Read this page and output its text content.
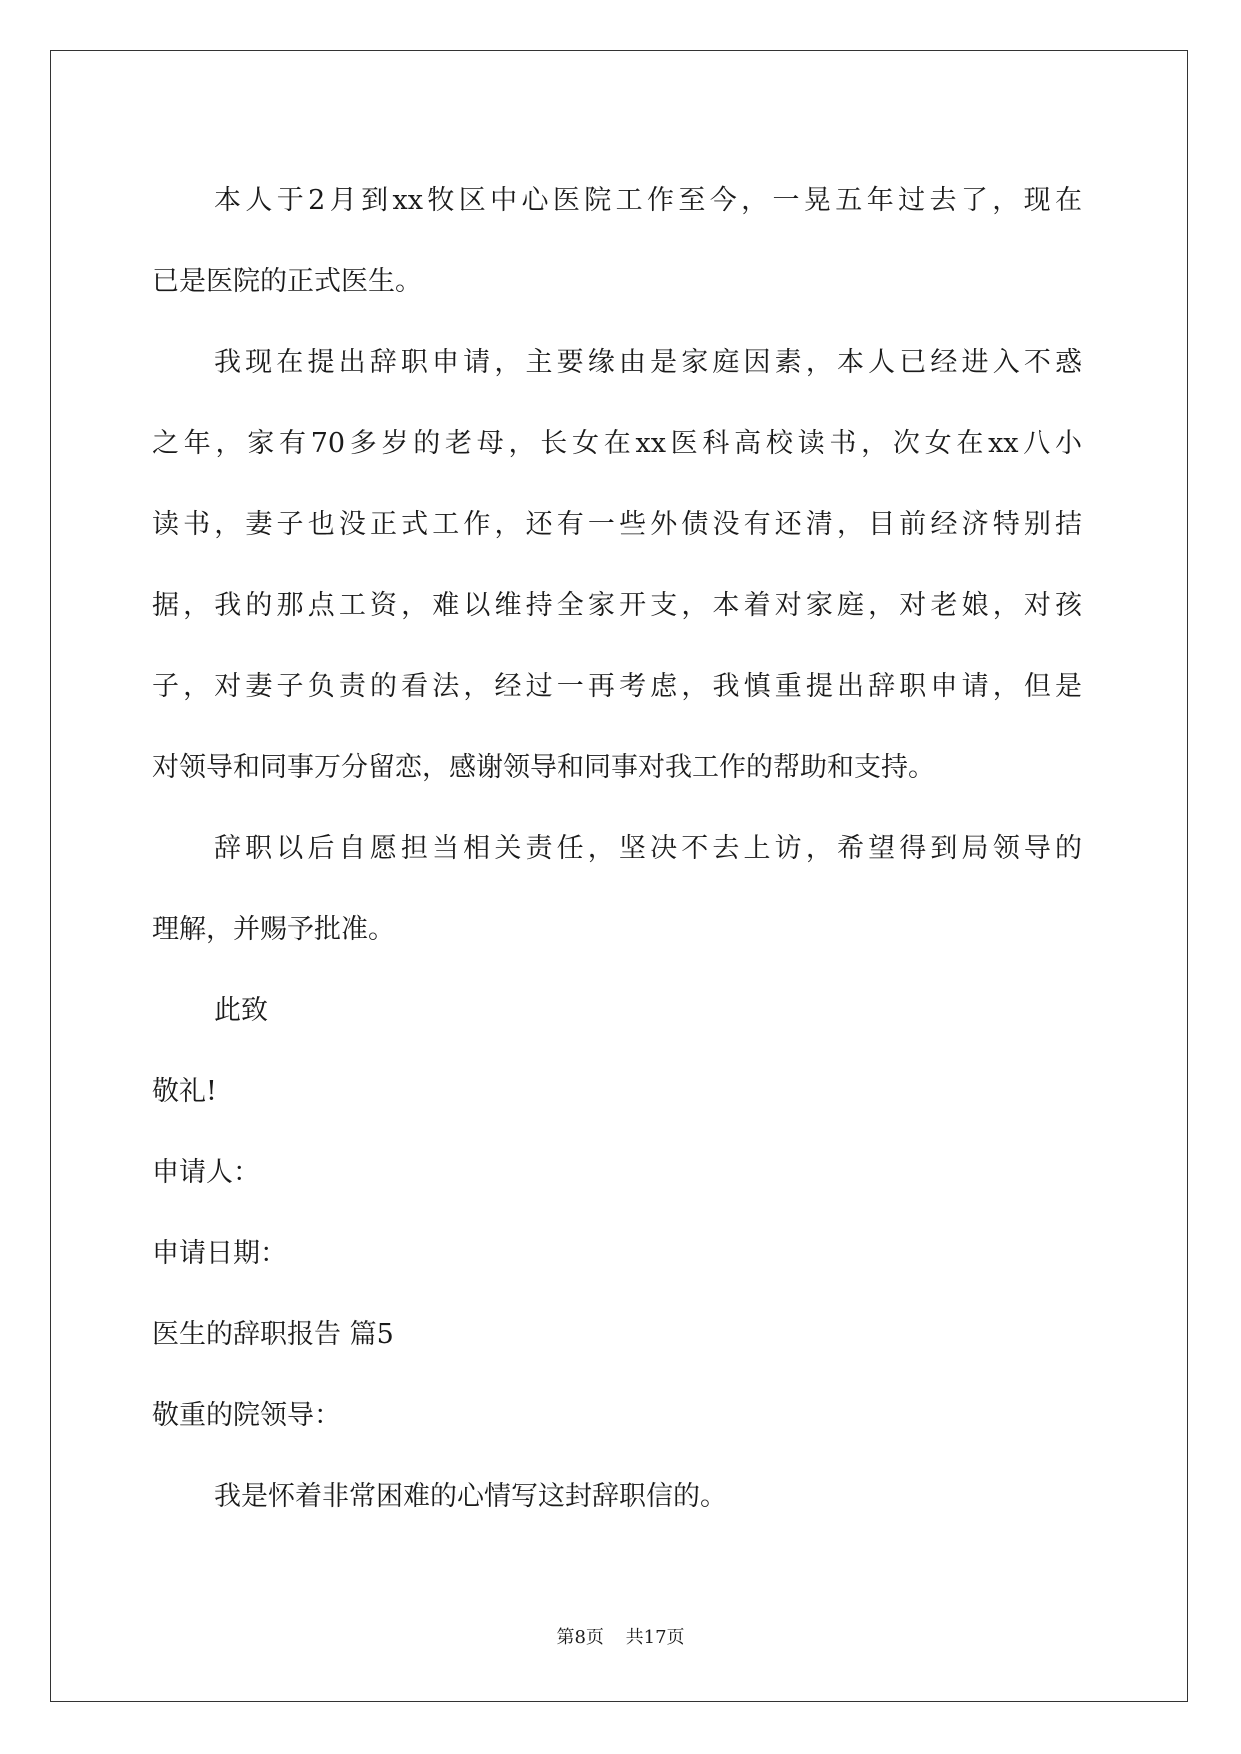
本人于2月到xx牧区中心医院工作至今，一晃五年过去了，现在
已是医院的正式医生。
我现在提出辞职申请，主要缘由是家庭因素，本人已经进入不惑
之年，家有70多岁的老母，长女在xx医科高校读书，次女在xx八小
读书，妻子也没正式工作，还有一些外债没有还清，目前经济特别拮
据，我的那点工资，难以维持全家开支，本着对家庭，对老娘，对孩
子，对妻子负责的看法，经过一再考虑，我慎重提出辞职申请，但是
对领导和同事万分留恋，感谢领导和同事对我工作的帮助和支持。
辞职以后自愿担当相关责任，坚决不去上访，希望得到局领导的
理解，并赐予批准。
此致
敬礼!
申请人：
申请日期：
医生的辞职报告 篇5
敬重的院领导：
我是怀着非常困难的心情写这封辞职信的。
第8页 共17页
